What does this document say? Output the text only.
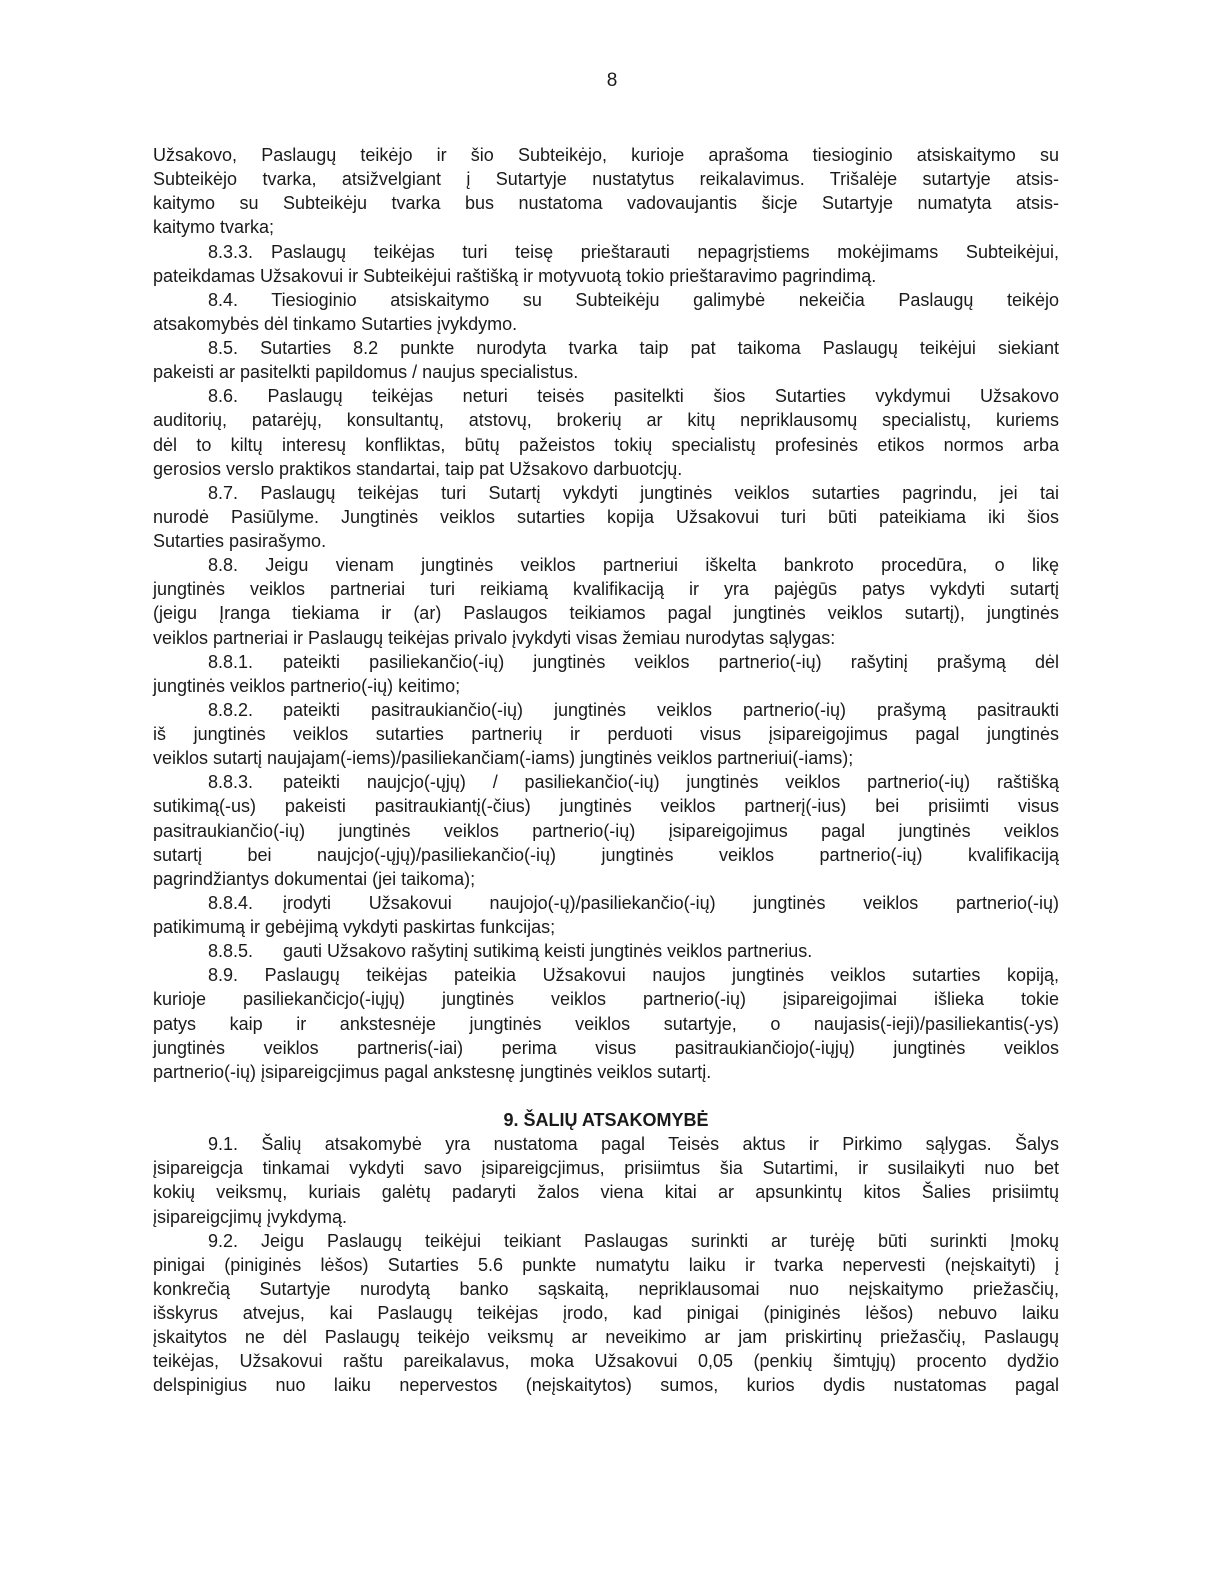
8
Užsakovo, Paslaugų teikėjo ir šio Subteikėjo, kurioje aprašoma tiesioginio atsiskaitymo su
Subteikėjo tvarka, atsižvelgiant į Sutartyje nustatytus reikalavimus. Trišalėje sutartyje atsis-
kaitymo su Subteikėju tvarka bus nustatoma vadovaujantis šicje Sutartyje numatyta atsis-
kaitymo tvarka;
8.3.3. Paslaugų teikėjas turi teisę prieštarauti nepagrįstiems mokėjimams Subteikėjui,
pateikdamas Užsakovui ir Subteikėjui raštišką ir motyvuotą tokio prieštaravimo pagrindimą.
8.4. Tiesioginio atsiskaitymo su Subteikėju galimybė nekeičia Paslaugų teikėjo
atsakomybės dėl tinkamo Sutarties įvykdymo.
8.5. Sutarties 8.2 punkte nurodyta tvarka taip pat taikoma Paslaugų teikėjui siekiant
pakeisti ar pasitelkti papildomus / naujus specialistus.
8.6. Paslaugų teikėjas neturi teisės pasitelkti šios Sutarties vykdymui Užsakovo
auditorių, patarėjų, konsultantų, atstovų, brokerių ar kitų nepriklausomų specialistų, kuriems
dėl to kiltų interesų konfliktas, būtų pažeistos tokių specialistų profesinės etikos normos arba
gerosios verslo praktikos standartai, taip pat Užsakovo darbuotcjų.
8.7. Paslaugų teikėjas turi Sutartį vykdyti jungtinės veiklos sutarties pagrindu, jei tai
nurodė Pasiūlyme. Jungtinės veiklos sutarties kopija Užsakovui turi būti pateikiama iki šios
Sutarties pasirašymo.
8.8. Jeigu vienam jungtinės veiklos partneriui iškelta bankroto procedūra, o likę
jungtinės veiklos partneriai turi reikiamą kvalifikaciją ir yra pajėgūs patys vykdyti sutartį
(jeigu Įranga tiekiama ir (ar) Paslaugos teikiamos pagal jungtinės veiklos sutartį), jungtinės
veiklos partneriai ir Paslaugų teikėjas privalo įvykdyti visas žemiau nurodytas sąlygas:
8.8.1. pateikti pasiliekančio(-ių) jungtinės veiklos partnerio(-ių) rašytinį prašymą dėl
jungtinės veiklos partnerio(-ių) keitimo;
8.8.2. pateikti pasitraukiančio(-ių) jungtinės veiklos partnerio(-ių) prašymą pasitraukti
iš jungtinės veiklos sutarties partnerių ir perduoti visus įsipareigojimus pagal jungtinės
veiklos sutartį naujajam(-iems)/pasiliekančiam(-iams) jungtinės veiklos partneriui(-iams);
8.8.3. pateikti naujcjo(-ųjų) / pasiliekančio(-ių) jungtinės veiklos partnerio(-ių) raštišką
sutikimą(-us) pakeisti pasitraukiantį(-čius) jungtinės veiklos partnerį(-ius) bei prisiimti visus
pasitraukiančio(-ių) jungtinės veiklos partnerio(-ių) įsipareigojimus pagal jungtinės veiklos
sutartį bei naujcjo(-ųjų)/pasiliekančio(-ių) jungtinės veiklos partnerio(-ių) kvalifikaciją
pagrindžiantys dokumentai (jei taikoma);
8.8.4. įrodyti Užsakovui naujojo(-ų)/pasiliekančio(-ių) jungtinės veiklos partnerio(-ių)
patikimumą ir gebėjimą vykdyti paskirtas funkcijas;
8.8.5. gauti Užsakovo rašytinį sutikimą keisti jungtinės veiklos partnerius.
8.9. Paslaugų teikėjas pateikia Užsakovui naujos jungtinės veiklos sutarties kopiją,
kurioje pasiliekančicjo(-iųjų) jungtinės veiklos partnerio(-ių) įsipareigojimai išlieka tokie
patys kaip ir ankstesnėje jungtinės veiklos sutartyje, o naujasis(-ieji)/pasiliekantis(-ys)
jungtinės veiklos partneris(-iai) perima visus pasitraukiančiojo(-iųjų) jungtinės veiklos
partnerio(-ių) įsipareigcjimus pagal ankstesnę jungtinės veiklos sutartį.
9. ŠALIŲ ATSAKOMYBĖ
9.1. Šalių atsakomybė yra nustatoma pagal Teisės aktus ir Pirkimo sąlygas. Šalys
įsipareigcja tinkamai vykdyti savo įsipareigcjimus, prisiimtus šia Sutartimi, ir susilaikyti nuo bet
kokių veiksmų, kuriais galėtų padaryti žalos viena kitai ar apsunkintų kitos Šalies prisiimtų
įsipareigcjimų įvykdymą.
9.2. Jeigu Paslaugų teikėjui teikiant Paslaugas surinkti ar turėję būti surinkti Įmokų
pinigai (piniginės lėšos) Sutarties 5.6 punkte numatytu laiku ir tvarka nepervesti (neįskaityti) į
konkrečią Sutartyje nurodytą banko sąskaitą, nepriklausomai nuo neįskaitymo priežasčių,
išskyrus atvejus, kai Paslaugų teikėjas įrodo, kad pinigai (piniginės lėšos) nebuvo laiku
įskaitytos ne dėl Paslaugų teikėjo veiksmų ar neveikimo ar jam priskirtinų priežasčių, Paslaugų
teikėjas, Užsakovui raštu pareikalavus, moka Užsakovui 0,05 (penkių šimtųjų) procento dydžio
delspinigius nuo laiku nepervestos (neįskaitytos) sumos, kurios dydis nustatomas pagal
